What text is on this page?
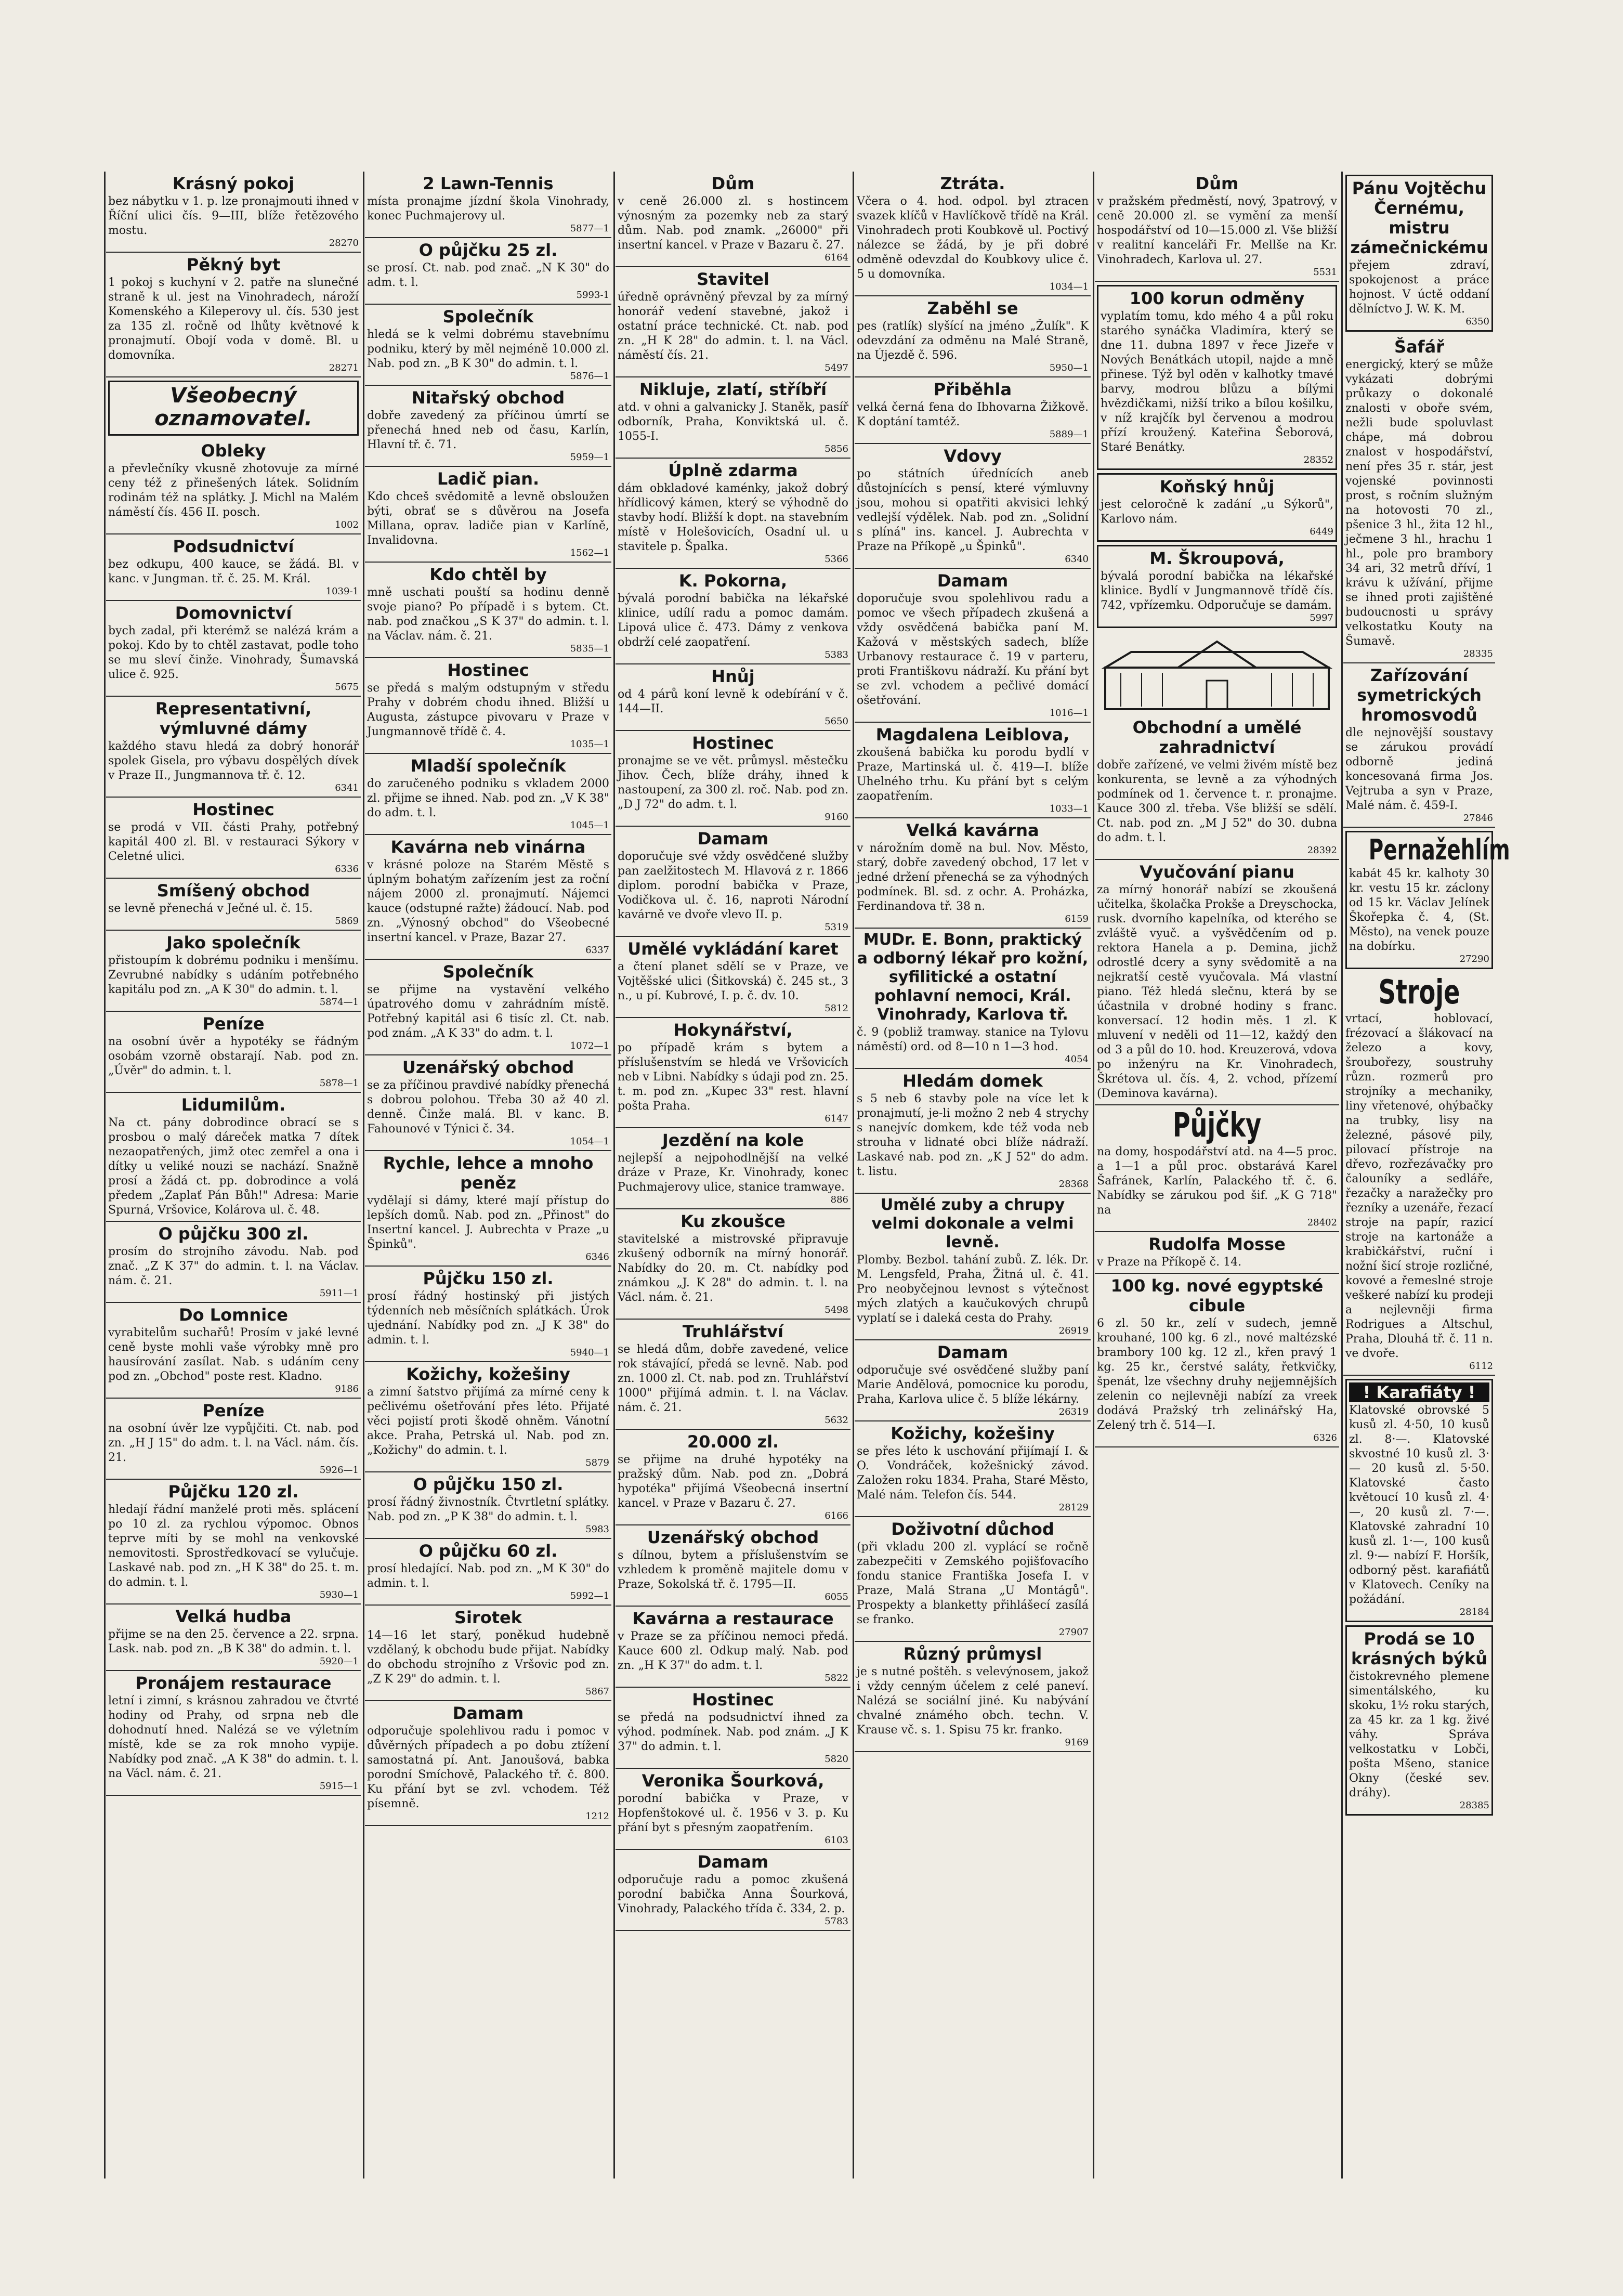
Krásný pokoj

bez nábytku v 1. p. lze pronajmouti ihned v Říční ulici čís. 9—III, blíže řetězového mostu.

28270
Pěkný byt

1 pokoj s kuchyní v 2. patře na slunečné straně k ul. jest na Vinohradech, nároží Komenského a Kileperovy ul. čís. 530 jest za 135 zl. ročně od lhůty květnové k pronajmutí. Obojí voda v domě. Bl. u domovníka.

28271
Všeobecný oznamovatel.
Obleky

a převlečníky vkusně zhotovuje za mírné ceny též z přinešených látek. Solidním rodinám též na splátky. J. Michl na Malém náměstí čís. 456 II. posch.

1002
Podsudnictví

bez odkupu, 400 kauce, se žádá. Bl. v kanc. v Jungman. tř. č. 25. M. Král.

1039-1
Domovnictví

bych zadal, při kterémž se nalézá krám a pokoj. Kdo by to chtěl zastavat, podle toho se mu sleví činže. Vinohrady, Šumavská ulice č. 925.

5675
Representativní, výmluvné dámy

každého stavu hledá za dobrý honorář spolek Gisela, pro výbavu dospělých dívek v Praze II., Jungmannova tř. č. 12.

6341
Hostinec

se prodá v VII. části Prahy, potřebný kapitál 400 zl. Bl. v restauraci Sýkory v Celetné ulici.

6336
Smíšený obchod

se levně přenechá v Ječné ul. č. 15.

5869
Jako společník

přistoupím k dobrému podniku i menšímu. Zevrubné nabídky s udáním potřebného kapitálu pod zn. „A K 30" do admin. t. l.

5874—1
Peníze

na osobní úvěr a hypotéky se řádným osobám vzorně obstarají. Nab. pod zn. „Úvěr" do admin. t. l.

5878—1
Lidumilům.

Na ct. pány dobrodince obrací se s prosbou o malý dáreček matka 7 dítek nezaopatřených, jimž otec zemřel a ona i dítky u veliké nouzi se nachází. Snažně prosí a žádá ct. pp. dobrodince a volá předem „Zaplať Pán Bůh!" Adresa: Marie Spurná, Vršovice, Kolárova ul. č. 48.

O půjčku 300 zl.

prosím do strojního závodu. Nab. pod znač. „Z K 37" do admin. t. l. na Václav. nám. č. 21.

5911—1
Do Lomnice

vyrabitelům suchařů! Prosím v jaké levné ceně byste mohli vaše výrobky mně pro hausírování zasílat. Nab. s udáním ceny pod zn. „Obchod" poste rest. Kladno.

9186
Peníze

na osobní úvěr lze vypůjčiti. Ct. nab. pod zn. „H J 15" do adm. t. l. na Václ. nám. čís. 21.

5926—1
Půjčku 120 zl.

hledají řádní manželé proti měs. splácení po 10 zl. za rychlou výpomoc. Obnos teprve míti by se mohl na venkovské nemovitosti. Sprostředkovací se vylučuje. Laskavé nab. pod zn. „H K 38" do 25. t. m. do admin. t. l.

5930—1
Velká hudba

přijme se na den 25. července a 22. srpna. Lask. nab. pod zn. „B K 38" do admin. t. l.

5920—1
Pronájem restaurace

letní i zimní, s krásnou zahradou ve čtvrté hodiny od Prahy, od srpna neb dle dohodnutí hned. Nalézá se ve výletním místě, kde se za rok mnoho vypije. Nabídky pod znač. „A K 38" do admin. t. l. na Václ. nám. č. 21.

5915—1
2 Lawn-Tennis

místa pronajme jízdní škola Vinohrady, konec Puchmajerovy ul.

5877—1
O půjčku 25 zl.

se prosí. Ct. nab. pod znač. „N K 30" do adm. t. l.

5993-1
Společník

hledá se k velmi dobrému stavebnímu podniku, který by měl nejméně 10.000 zl. Nab. pod zn. „B K 30" do admin. t. l.

5876—1
Nitařský obchod

dobře zavedený za příčinou úmrtí se přenechá hned neb od času, Karlín, Hlavní tř. č. 71.

5959—1
Ladič pian.

Kdo chceš svědomitě a levně obsloužen býti, obrať se s důvěrou na Josefa Millana, oprav. ladiče pian v Karlíně, Invalidovna.

1562—1
Kdo chtěl by

mně uschati pouští sa hodinu denně svoje piano? Po případě i s bytem. Ct. nab. pod značkou „S K 37" do admin. t. l. na Václav. nám. č. 21.

5835—1
Hostinec

se předá s malým odstupným v středu Prahy v dobrém chodu ihned. Bližší u Augusta, zástupce pivovaru v Praze v Jungmannově třídě č. 4.

1035—1
Mladší společník

do zaručeného podniku s vkladem 2000 zl. přijme se ihned. Nab. pod zn. „V K 38" do adm. t. l.

1045—1
Kavárna neb vinárna

v krásné poloze na Starém Městě s úplným bohatým zařízením jest za roční nájem 2000 zl. pronajmutí. Nájemci kauce (odstupné ražte) žádoucí. Nab. pod zn. „Výnosný obchod" do Všeobecné insertní kancel. v Praze, Bazar 27.

6337
Společník

se přijme na vystavění velkého úpatrového domu v zahrádním místě. Potřebný kapitál asi 6 tisíc zl. Ct. nab. pod znám. „A K 33" do adm. t. l.

1072—1
Uzenářský obchod

se za příčinou pravdivé nabídky přenechá s dobrou polohou. Třeba 30 až 40 zl. denně. Činže malá. Bl. v kanc. B. Fahounové v Týnici č. 34.

1054—1
Rychle, lehce a mnoho peněz

vydělají si dámy, které mají přístup do lepších domů. Nab. pod zn. „Přinost" do Insertní kancel. J. Aubrechta v Praze „u Špinků".

6346
Půjčku 150 zl.

prosí řádný hostinský při jistých týdenních neb měsíčních splátkách. Úrok ujednání. Nabídky pod zn. „J K 38" do admin. t. l.

5940—1
Kožichy, kožešiny

a zimní šatstvo přijímá za mírné ceny k pečlivému ošetřování přes léto. Přijaté věci pojistí proti škodě ohněm. Vánotní akce. Praha, Petrská ul. Nab. pod zn. „Kožichy" do admin. t. l.

5879
O půjčku 150 zl.

prosí řádný živnostník. Čtvrtletní splátky. Nab. pod zn. „P K 38" do admin. t. l.

5983
O půjčku 60 zl.

prosí hledající. Nab. pod zn. „M K 30" do admin. t. l.

5992—1
Sirotek

14—16 let starý, poněkud hudebně vzdělaný, k obchodu bude přijat. Nabídky do obchodu strojního z Vršovic pod zn. „Z K 29" do admin. t. l.

5867
Damam

odporučuje spolehlivou radu i pomoc v důvěrných případech a po dobu ztížení samostatná pí. Ant. Janoušová, babka porodní Smíchově, Palackého tř. č. 800. Ku přání byt se zvl. vchodem. Též písemně.

1212
Dům

v ceně 26.000 zl. s hostincem výnosným za pozemky neb za starý dům. Nab. pod znamk. „26000" při insertní kancel. v Praze v Bazaru č. 27.

6164
Stavitel

úředně oprávněný převzal by za mírný honorář vedení stavebné, jakož i ostatní práce technické. Ct. nab. pod zn. „H K 28" do admin. t. l. na Václ. náměstí čís. 21.

5497
Nikluje, zlatí, stříbří

atd. v ohni a galvanicky J. Staněk, pasíř odborník, Praha, Konviktská ul. č. 1055-I.

5856
Úplně zdarma

dám obkladové kaménky, jakož dobrý hřídlicový kámen, který se výhodně do stavby hodí. Bližší k dopt. na stavebním místě v Holešovicích, Osadní ul. u stavitele p. Špalka.

5366
K. Pokorna,

bývalá porodní babička na lékařské klinice, udílí radu a pomoc damám. Lipová ulice č. 473. Dámy z venkova obdrží celé zaopatření.

5383
Hnůj

od 4 párů koní levně k odebírání v č. 144—II.

5650
Hostinec

pronajme se ve vět. průmysl. městečku Jihov. Čech, blíže dráhy, ihned k nastoupení, za 300 zl. roč. Nab. pod zn. „D J 72" do adm. t. l.

9160
Damam

doporučuje své vždy osvědčené služby pan zaelžitostech M. Hlavová z r. 1866 diplom. porodní babička v Praze, Vodičkova ul. č. 16, naproti Národní kavárně ve dvoře vlevo II. p.

5319
Umělé vykládání karet

a čtení planet sdělí se v Praze, ve Vojtěšské ulici (Šitkovská) č. 245 st., 3 n., u pí. Kubrové, I. p. č. dv. 10.

5812
Hokynářství,

po případě krám s bytem a příslušenstvím se hledá ve Vršovicích neb v Libni. Nabídky s údaji pod zn. 25. t. m. pod zn. „Kupec 33" rest. hlavní pošta Praha.

6147
Jezdění na kole

nejlepší a nejpohodlnější na velké dráze v Praze, Kr. Vinohrady, konec Puchmajerovy ulice, stanice tramwaye.

886
Ku zkoušce

stavitelské a mistrovské připravuje zkušený odborník na mírný honorář. Nabídky do 20. m. Ct. nabídky pod známkou „J. K 28" do admin. t. l. na Václ. nám. č. 21.

5498
Truhlářství

se hledá dům, dobře zavedené, velice rok stávající, předá se levně. Nab. pod zn. 1000 zl. Ct. nab. pod zn. Truhlářství 1000" přijímá admin. t. l. na Václav. nám. č. 21.

5632
20.000 zl.

se přijme na druhé hypotéky na pražský dům. Nab. pod zn. „Dobrá hypotéka" přijímá Všeobecná insertní kancel. v Praze v Bazaru č. 27.

6166
Uzenářský obchod

s dílnou, bytem a příslušenstvím se vzhledem k proměně majitele domu v Praze, Sokolská tř. č. 1795—II.

6055
Kavárna a restaurace

v Praze se za příčinou nemoci předá. Kauce 600 zl. Odkup malý. Nab. pod zn. „H K 37" do adm. t. l.

5822
Hostinec

se předá na podsudnictví ihned za výhod. podmínek. Nab. pod znám. „J K 37" do admin. t. l.

5820
Veronika Šourková,

porodní babička v Praze, v Hopfenštokové ul. č. 1956 v 3. p. Ku přání byt s přesným zaopatřením.

6103
Damam

odporučuje radu a pomoc zkušená porodní babička Anna Šourková, Vinohrady, Palackého třída č. 334, 2. p.

5783
Ztráta.

Včera o 4. hod. odpol. byl ztracen svazek klíčů v Havlíčkově třídě na Král. Vinohradech proti Koubkově ul. Poctivý nálezce se žádá, by je při dobré odměně odevzdal do Koubkovy ulice č. 5 u domovníka.

1034—1
Zaběhl se

pes (ratlík) slyšící na jméno „Žulík". K odevzdání za odměnu na Malé Straně, na Újezdě č. 596.

5950—1
Přiběhla

velká černá fena do Ibhovarna Žižkově. K doptání tamtéž.

5889—1
Vdovy

po státních úřednících aneb důstojnících s pensí, které výmluvny jsou, mohou si opatřiti akvisici lehký vedlejší výdělek. Nab. pod zn. „Solidní s plíná" ins. kancel. J. Aubrechta v Praze na Příkopě „u Špinků".

6340
Damam

doporučuje svou spolehlivou radu a pomoc ve všech případech zkušená a vždy osvědčená babička paní M. Kažová v městských sadech, blíže Urbanovy restaurace č. 19 v parteru, proti Františkovu nádraží. Ku přání byt se zvl. vchodem a pečlivé domácí ošetřování.

1016—1
Magdalena Leiblova,

zkoušená babička ku porodu bydlí v Praze, Martinská ul. č. 419—I. blíže Uhelného trhu. Ku přání byt s celým zaopatřením.

1033—1
Velká kavárna

v nárožním domě na bul. Nov. Město, starý, dobře zavedený obchod, 17 let v jedné držení přenechá se za výhodných podmínek. Bl. sd. z ochr. A. Proházka, Ferdinandova tř. 38 n.

6159
MUDr. E. Bonn, praktický a odborný lékař pro kožní, syfilitické a ostatní pohlavní nemoci, Král. Vinohrady, Karlova tř.

č. 9 (pobliž tramway. stanice na Tylovu náměstí) ord. od 8—10 n 1—3 hod.

4054
Hledám domek

s 5 neb 6 stavby pole na více let k pronajmutí, je-li možno 2 neb 4 strychy s nanejvíc domkem, kde též voda neb strouha v lidnaté obci blíže nádraží. Laskavé nab. pod zn. „K J 52" do adm. t. listu.

28368
Umělé zuby a chrupy velmi dokonale a velmi levně.

Plomby. Bezbol. tahání zubů. Z. lék. Dr. M. Lengsfeld, Praha, Žitná ul. č. 41. Pro neobyčejnou levnost s výtečnost mých zlatých a kaučukových chrupů vyplatí se i daleká cesta do Prahy.

26919
Damam

odporučuje své osvědčené služby paní Marie Andělová, pomocnice ku porodu, Praha, Karlova ulice č. 5 blíže lékárny.

26319
Kožichy, kožešiny

se přes léto k uschování přijímají I. & O. Vondráček, kožešnický závod. Založen roku 1834. Praha, Staré Město, Malé nám. Telefon čís. 544.

28129
Doživotní důchod

(při vkladu 200 zl. vyplácí se ročně zabezpečiti v Zemského pojišťovacího fondu stanice Františka Josefa I. v Praze, Malá Strana „U Montágů". Prospekty a blanketty přihlášecí zasílá se franko.

27907
Různý průmysl

je s nutné poštěh. s velevýnosem, jakož i vždy cenným účelem z celé paneví. Nalézá se sociální jiné. Ku nabývání chvalné známého obch. techn. V. Krause vč. s. 1. Spisu 75 kr. franko.

9169
Dům

v pražském předměstí, nový, 3patrový, v ceně 20.000 zl. se vymění za menší hospodářství od 10—15.000 zl. Vše bližší v realitní kanceláři Fr. Mellše na Kr. Vinohradech, Karlova ul. 27.

5531
100 korun odměny

vyplatím tomu, kdo mého 4 a půl roku starého synáčka Vladimíra, který se dne 11. dubna 1897 v řece Jizeře v Nových Benátkách utopil, najde a mně přinese. Týž byl oděn v kalhotky tmavé barvy, modrou blůzu a bílými hvězdičkami, nižší triko a bílou košilku, v níž krajčík byl červenou a modrou přízí kroužený. Kateřina Šeborová, Staré Benátky.

28352
Koňský hnůj

jest celoročně k zadání „u Sýkorů", Karlovo nám.

6449
M. Škroupová,

bývalá porodní babička na lékařské klinice. Bydlí v Jungmannově třídě čís. 742, vpřízemku. Odporučuje se damám.

5997
Obchodní a umělé zahradnictví

dobře zařízené, ve velmi živém místě bez konkurenta, se levně a za výhodných podmínek od 1. července t. r. pronajme. Kauce 300 zl. třeba. Vše bližší se sdělí. Ct. nab. pod zn. „M J 52" do 30. dubna do adm. t. l.

28392
Vyučování pianu

za mírný honorář nabízí se zkoušená učitelka, školačka Prokše a Dreyschocka, rusk. dvorního kapelníka, od kterého se zvláště vyuč. a vyšvědčením od p. rektora Hanela a p. Demina, jichž odrostlé dcery a syny svědomitě a na nejkratší cestě vyučovala. Má vlastní piano. Též hledá slečnu, která by se účastnila v drobné hodiny s franc. konversací. 12 hodin měs. 1 zl. K mluvení v neděli od 11—12, každý den od 3 a půl do 10. hod. Kreuzerová, vdova po inženýru na Kr. Vinohradech, Škrétova ul. čís. 4, 2. vchod, přízemí (Deminova kavárna).

Půjčky

na domy, hospodářství atd. na 4—5 proc. a 1—1 a půl proc. obstarává Karel Šafránek, Karlín, Palackého tř. č. 6. Nabídky se zárukou pod šif. „K G 718" na

28402
Rudolfa Mosse

v Praze na Příkopě č. 14.

100 kg. nové egyptské cibule

6 zl. 50 kr., zelí v sudech, jemně krouhané, 100 kg. 6 zl., nové maltézské brambory 100 kg. 12 zl., křen pravý 1 kg. 25 kr., čerstvé saláty, řetkvičky, špenát, lze všechny druhy nejjemnějších zelenin co nejlevněji nabízí za vreek dodává Pražský trh zelinářský Ha, Zelený trh č. 514—I.

6326
Pánu Vojtěchu Černému, mistru zámečnickému

přejem zdraví, spokojenost a práce hojnost. V úctě oddaní dělníctvo J. W. K. M.

6350
Šafář

energický, který se může vykázati dobrými průkazy o dokonalé znalosti v oboře svém, nežli bude spoluvlast chápe, má dobrou znalost v hospodářství, není přes 35 r. stár, jest vojenské povinnosti prost, s ročním služným na hotovosti 70 zl., pšenice 3 hl., žita 12 hl., ječmene 3 hl., hrachu 1 hl., pole pro brambory 34 ari, 32 metrů dříví, 1 krávu k užívání, přijme se ihned proti zajištěné budoucnosti u správy velkostatku Kouty na Šumavě.

28335
Zařízování symetrických hromosvodů

dle nejnovější soustavy se zárukou provádí odborně jediná koncesovaná firma Jos. Vejtruba a syn v Praze, Malé nám. č. 459-I.

27846
Pernažehlím

kabát 45 kr. kalhoty 30 kr. vestu 15 kr. záclony od 15 kr. Václav Jelínek Škořepka č. 4, (St. Město), na venek pouze na dobírku.

27290
Stroje

vrtací, hoblovací, frézovací a šlákovací na železo a kovy, šroubořezy, soustruhy různ. rozmerů pro strojníky a mechaniky, liny vřetenové, ohýbačky na trubky, lisy na železné, pásové pily, pilovací přístroje na dřevo, rozřezávačky pro čalouníky a sedláře, řezačky a naražečky pro řezníky a uzenáře, řezací stroje na papír, razicí stroje na kartonáže a krabičkářství, ruční i nožní šicí stroje rozličné, kovové a řemeslné stroje veškeré nabízí ku prodeji a nejlevněji firma Rodrigues a Altschul, Praha, Dlouhá tř. č. 11 n. ve dvoře.

6112
! Karafiáty !

Klatovské obrovské 5 kusů zl. 4·50, 10 kusů zl. 8·—. Klatovské skvostné 10 kusů zl. 3·— 20 kusů zl. 5·50. Klatovské často květoucí 10 kusů zl. 4·—, 20 kusů zl. 7·—. Klatovské zahradní 10 kusů zl. 1·—, 100 kusů zl. 9·— nabízí F. Horšík, odborný pěst. karafiátů v Klatovech. Ceníky na požádání.

28184
Prodá se 10 krásných býků

čistokrevného plemene simentálského, ku skoku, 1½ roku starých, za 45 kr. za 1 kg. živé váhy. Správa velkostatku v Lobči, pošta Mšeno, stanice Okny (české sev. dráhy).

28385
